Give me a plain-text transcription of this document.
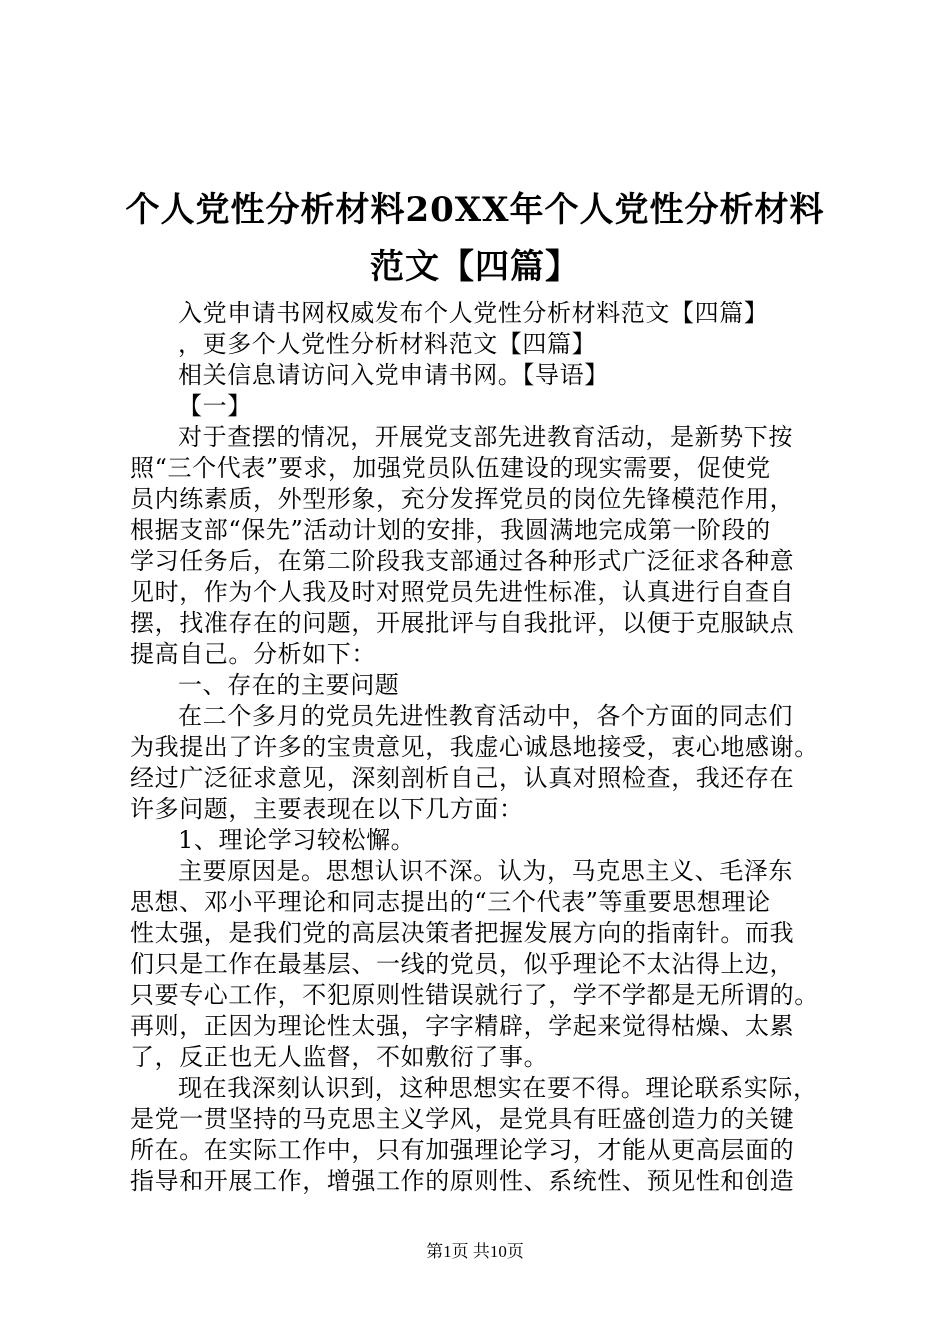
个人党性分析材料20XX年个人党性分析材料
范文【四篇】
入党申请书网权威发布个人党性分析材料范文【四篇】
，更多个人党性分析材料范文【四篇】
相关信息请访问入党申请书网。【导语】
【一】
对于查摆的情况，开展党支部先进教育活动，是新势下按
照“三个代表”要求，加强党员队伍建设的现实需要，促使党
员内练素质，外型形象，充分发挥党员的岗位先锋模范作用，
根据支部“保先”活动计划的安排，我圆满地完成第一阶段的
学习任务后，在第二阶段我支部通过各种形式广泛征求各种意
见时，作为个人我及时对照党员先进性标准，认真进行自查自
摆，找准存在的问题，开展批评与自我批评，以便于克服缺点
提高自己。分析如下：
一、存在的主要问题
在二个多月的党员先进性教育活动中，各个方面的同志们
为我提出了许多的宝贵意见，我虚心诚恳地接受，衷心地感谢。
经过广泛征求意见，深刻剖析自己，认真对照检查，我还存在
许多问题，主要表现在以下几方面：
1、理论学习较松懈。
主要原因是。思想认识不深。认为，马克思主义、毛泽东
思想、邓小平理论和同志提出的“三个代表”等重要思想理论
性太强，是我们党的高层决策者把握发展方向的指南针。而我
们只是工作在最基层、一线的党员，似乎理论不太沾得上边，
只要专心工作，不犯原则性错误就行了，学不学都是无所谓的。
再则，正因为理论性太强，字字精辟，学起来觉得枯燥、太累
了，反正也无人监督，不如敷衍了事。
现在我深刻认识到，这种思想实在要不得。理论联系实际，
是党一贯坚持的马克思主义学风，是党具有旺盛创造力的关键
所在。在实际工作中，只有加强理论学习，才能从更高层面的
指导和开展工作，增强工作的原则性、系统性、预见性和创造
第1页 共10页
